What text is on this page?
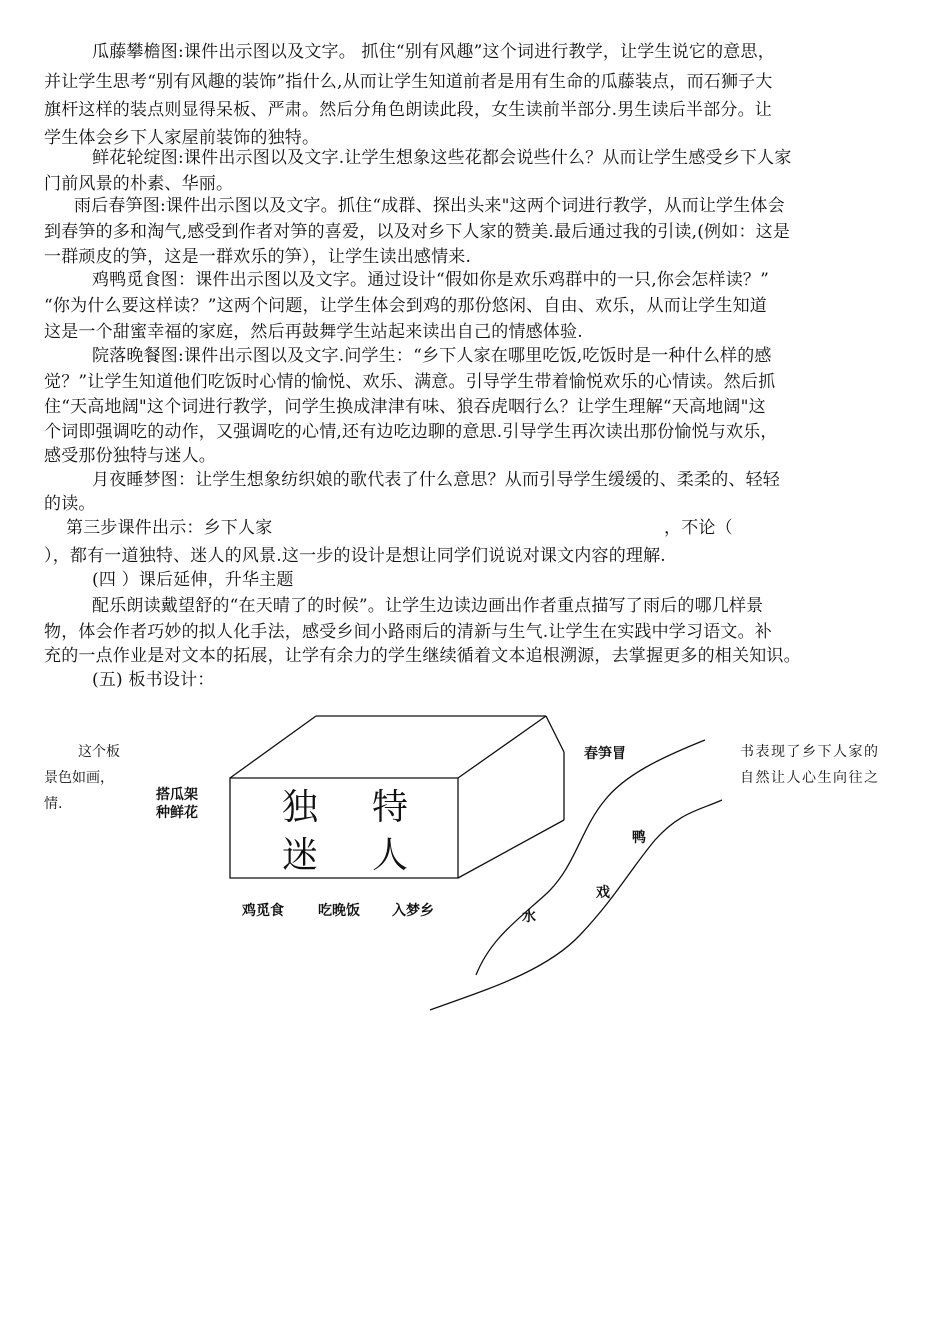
瓜藤攀檐图:课件出示图以及文字。 抓住“别有风趣”这个词进行教学，让学生说它的意思，
并让学生思考“别有风趣的装饰”指什么,从而让学生知道前者是用有生命的瓜藤装点，而石狮子大
旗杆这样的装点则显得呆板、严肃。然后分角色朗读此段，女生读前半部分.男生读后半部分。让
学生体会乡下人家屋前装饰的独特。
鲜花轮绽图:课件出示图以及文字.让学生想象这些花都会说些什么？从而让学生感受乡下人家
门前风景的朴素、华丽。
雨后春笋图:课件出示图以及文字。抓住“成群、探出头来"这两个词进行教学，从而让学生体会
到春笋的多和淘气,感受到作者对笋的喜爱，以及对乡下人家的赞美.最后通过我的引读,(例如：这是
一群顽皮的笋，这是一群欢乐的笋），让学生读出感情来.
鸡鸭觅食图：课件出示图以及文字。通过设计“假如你是欢乐鸡群中的一只,你会怎样读？”
“你为什么要这样读？”这两个问题，让学生体会到鸡的那份悠闲、自由、欢乐，从而让学生知道
这是一个甜蜜幸福的家庭，然后再鼓舞学生站起来读出自己的情感体验.
院落晚餐图:课件出示图以及文字.问学生：“乡下人家在哪里吃饭,吃饭时是一种什么样的感
觉？”让学生知道他们吃饭时心情的愉悦、欢乐、满意。引导学生带着愉悦欢乐的心情读。然后抓
住“天高地阔"这个词进行教学，问学生换成津津有味、狼吞虎咽行么？让学生理解“天高地阔"这
个词即强调吃的动作，又强调吃的心情,还有边吃边聊的意思.引导学生再次读出那份愉悦与欢乐，
感受那份独特与迷人。
月夜睡梦图：让学生想象纺织娘的歌代表了什么意思？从而引导学生缓缓的、柔柔的、轻轻
的读。
第三步课件出示：乡下人家	，不论（
），都有一道独特、迷人的风景.这一步的设计是想让同学们说说对课文内容的理解.
(四 ）课后延伸，升华主题
配乐朗读戴望舒的“在天晴了的时候”。让学生边读边画出作者重点描写了雨后的哪几样景
物，体会作者巧妙的拟人化手法，感受乡间小路雨后的清新与生气.让学生在实践中学习语文。补
充的一点作业是对文本的拓展，让学有余力的学生继续循着文本追根溯源，去掌握更多的相关知识。
(五) 板书设计：
这个板
景色如画，
情.
书表现了乡下人家的
自然让人心生向往之
春笋冒
搭瓜架
种鲜花 独 特
迷 人
鸡觅食 吃晚饭 入梦乡
鸭
戏
水
